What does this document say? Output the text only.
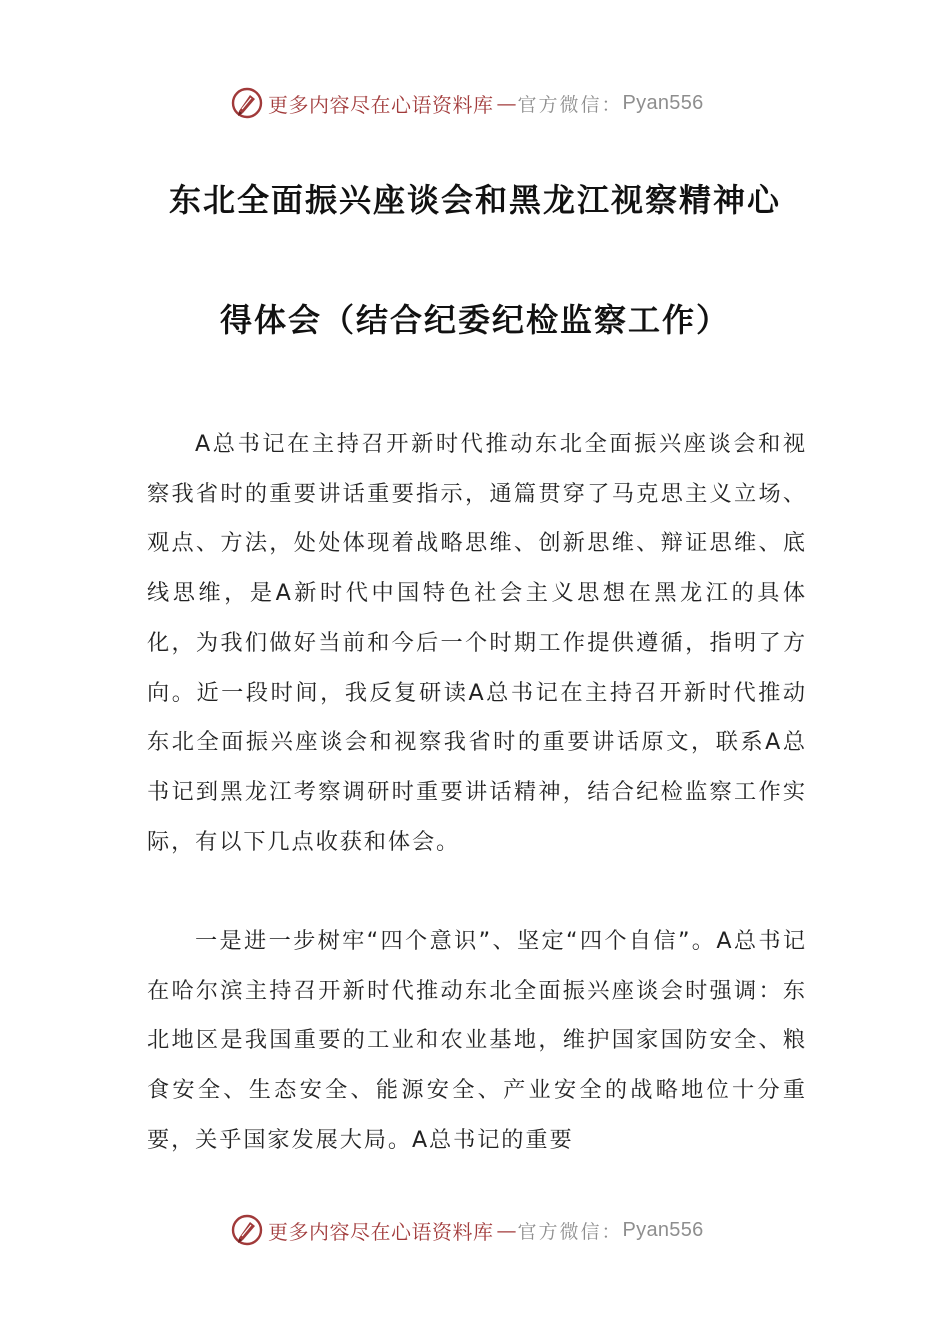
更多内容尽在心语资料库 — 官方微信： Pyan556
东北全面振兴座谈会和黑龙江视察精神心
得体会（结合纪委纪检监察工作）

A总书记在主持召开新时代推动东北全面振兴座谈会和视察我省时的重要讲话重要指示，通篇贯穿了马克思主义立场、观点、方法，处处体现着战略思维、创新思维、辩证思维、底线思维，是A新时代中国特色社会主义思想在黑龙江的具体化，为我们做好当前和今后一个时期工作提供遵循，指明了方向。近一段时间，我反复研读A总书记在主持召开新时代推动东北全面振兴座谈会和视察我省时的重要讲话原文，联系A总书记到黑龙江考察调研时重要讲话精神，结合纪检监察工作实际，有以下几点收获和体会。

一是进一步树牢“四个意识”、坚定“四个自信”。A总书记在哈尔滨主持召开新时代推动东北全面振兴座谈会时强调：东北地区是我国重要的工业和农业基地，维护国家国防安全、粮食安全、生态安全、能源安全、产业安全的战略地位十分重要，关乎国家发展大局。A总书记的重要

更多内容尽在心语资料库 — 官方微信： Pyan556
